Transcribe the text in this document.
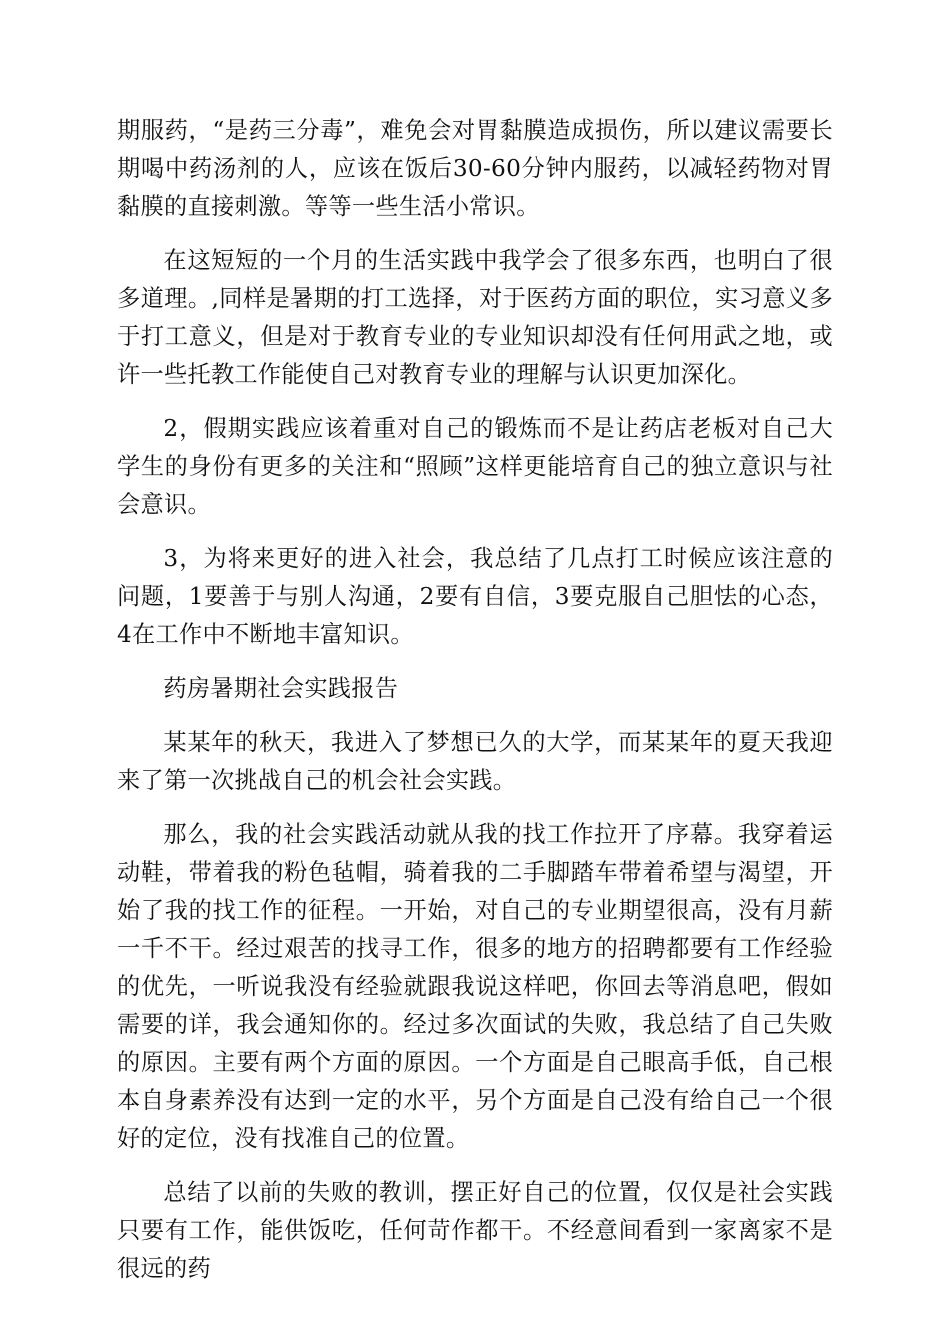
期服药，“是药三分毒”，难免会对胃黏膜造成损伤，所以建议需要长期喝中药汤剂的人，应该在饭后30-60分钟内服药，以减轻药物对胃黏膜的直接刺激。等等一些生活小常识。

在这短短的一个月的生活实践中我学会了很多东西，也明白了很多道理。,同样是暑期的打工选择，对于医药方面的职位，实习意义多于打工意义，但是对于教育专业的专业知识却没有任何用武之地，或许一些托教工作能使自己对教育专业的理解与认识更加深化。

2，假期实践应该着重对自己的锻炼而不是让药店老板对自己大学生的身份有更多的关注和“照顾”这样更能培育自己的独立意识与社会意识。

3，为将来更好的进入社会，我总结了几点打工时候应该注意的问题，1要善于与别人沟通，2要有自信，3要克服自己胆怯的心态，4在工作中不断地丰富知识。

药房暑期社会实践报告

某某年的秋天，我进入了梦想已久的大学，而某某年的夏天我迎来了第一次挑战自己的机会社会实践。

那么，我的社会实践活动就从我的找工作拉开了序幕。我穿着运动鞋，带着我的粉色毡帽，骑着我的二手脚踏车带着希望与渴望，开始了我的找工作的征程。一开始，对自己的专业期望很高，没有月薪一千不干。经过艰苦的找寻工作，很多的地方的招聘都要有工作经验的优先，一听说我没有经验就跟我说这样吧，你回去等消息吧，假如需要的详，我会通知你的。经过多次面试的失败，我总结了自己失败的原因。主要有两个方面的原因。一个方面是自己眼高手低，自己根本自身素养没有达到一定的水平，另个方面是自己没有给自己一个很好的定位，没有找准自己的位置。

总结了以前的失败的教训，摆正好自己的位置，仅仅是社会实践只要有工作，能供饭吃，任何苛作都干。不经意间看到一家离家不是很远的药
